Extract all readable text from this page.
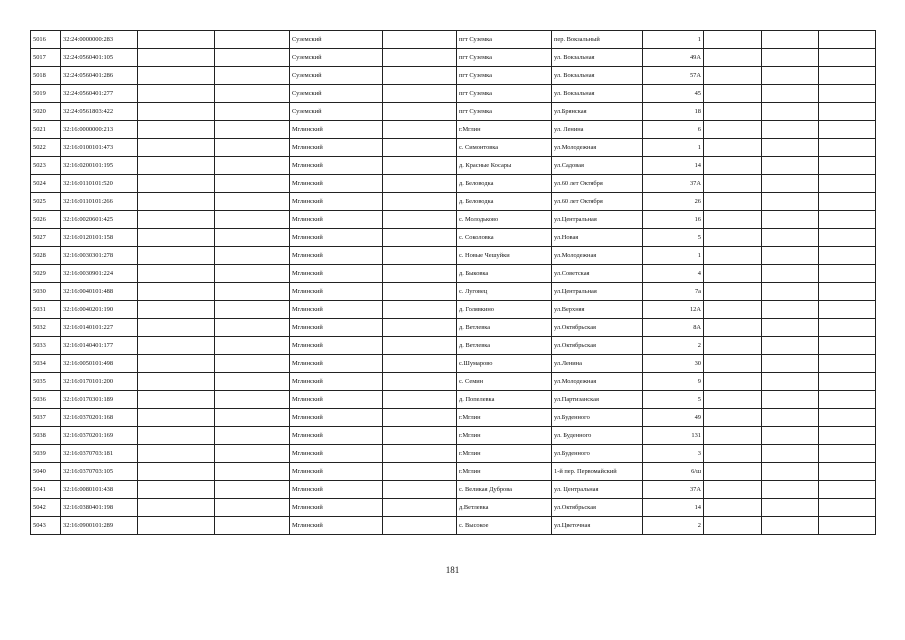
5016	32:24:0000000:283			Суземский		пгт Суземка	пер. Вокзальный	1			
5017	32:24:0560401:105			Суземский		пгт Суземка	ул. Вокзальная	49А			
5018	32:24:0560401:286			Суземский		пгт Суземка	ул. Вокзальная	57А			
5019	32:24:0560401:277			Суземский		пгт Суземка	ул. Вокзальная	45			
5020	32:24:0561803:422			Суземский		пгт Суземка	ул.Брянская	18			
5021	32:16:0000000:213			Мглинский		г.Мглин	ул. Ленина	6			
5022	32:16:0100101:473			Мглинский		с. Симонтовка	ул.Молодежная	1			
5023	32:16:0200101:195			Мглинский		д. Красные Косары	ул.Садовая	14			
5024	32:16:0110101:520			Мглинский		д. Беловодка	ул.60 лет Октября	37А			
5025	32:16:0110101:266			Мглинский		д. Беловодка	ул.60 лет Октября	26			
5026	32:16:0020601:425			Мглинский		с. Молодьково	ул.Центральная	16			
5027	32:16:0120101:158			Мглинский		с. Соколовка	ул.Новая	5			
5028	32:16:0030301:278			Мглинский		с. Новые Чешуйки	ул.Молодежная	1			
5029	32:16:0030901:224			Мглинский		д. Быковка	ул.Советская	4			
5030	32:16:0040101:488			Мглинский		с. Луговец	ул.Центральная	7а			
5031	32:16:0040201:190			Мглинский		д. Голявкино	ул.Верхняя	12А			
5032	32:16:0140101:227			Мглинский		д. Ветлевка	ул.Октябрьская	8А			
5033	32:16:0140401:177			Мглинский		д. Ветлевка	ул.Октябрьская	2			
5034	32:16:0050101:498			Мглинский		с.Шумарово	ул.Ленина	30			
5035	32:16:0170101:200			Мглинский		с. Семин	ул.Молодежная	9			
5036	32:16:0170301:189			Мглинский		д. Попелевка	ул.Партизанская	5			
5037	32:16:0370201:168			Мглинский		г.Мглин	ул.Буденного	49			
5038	32:16:0370201:169			Мглинский		г.Мглин	ул. Буденного	131			
5039	32:16:0370703:181			Мглинский		г.Мглин	ул.Буденного	3			
5040	32:16:0370703:105			Мглинский		г.Мглин	1-й пер. Первомайский	6/ш			
5041	32:16:0080101:438			Мглинский		с. Великая Дуброва	ул. Центральная	37А			
5042	32:16:0380401:198			Мглинский		д.Ветлевка	ул.Октябрьская	14			
5043	32:16:0900101:289			Мглинский		с. Высокое	ул.Цветочная	2			
181
